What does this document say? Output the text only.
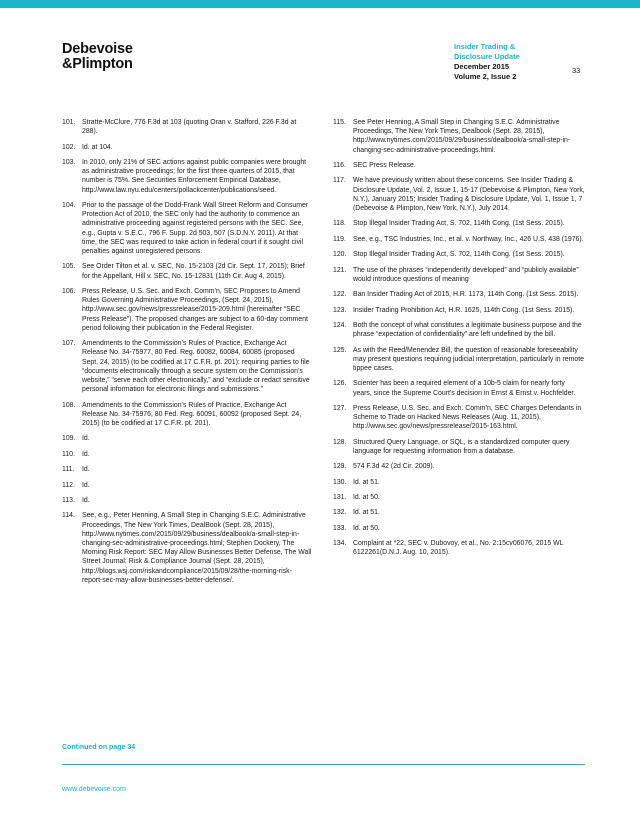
Debevoise
&Plimpton
Insider Trading &
Disclosure Update
December 2015
Volume 2, Issue 2
33
101. Stratte-McClure, 776 F.3d at 103 (quoting Oran v. Stafford, 226 F.3d at 288).
102. Id. at 104.
103. In 2010, only 21% of SEC actions against public companies were brought as administrative proceedings; for the first three quarters of 2015, that number is 75%. See Securities Enforcement Empirical Database, http://www.law.nyu.edu/centers/pollackcenter/publications/seed.
104. Prior to the passage of the Dodd-Frank Wall Street Reform and Consumer Protection Act of 2010, the SEC only had the authority to commence an administrative proceeding against registered persons with the SEC. See, e.g., Gupta v. S.E.C., 796 F. Supp. 2d 503, 507 (S.D.N.Y. 2011). At that time, the SEC was required to take action in federal court if it sought civil penalties against unregistered persons.
105. See Order Tilton et al. v. SEC, No. 15-2103 (2d Cir. Sept. 17, 2015); Brief for the Appellant, Hill v. SEC, No. 15-12831 (11th Cir. Aug 4, 2015).
106. Press Release, U.S. Sec. and Exch. Comm’n, SEC Proposes to Amend Rules Governing Administrative Proceedings, (Sept. 24, 2015), http://www.sec.gov/news/pressrelease/2015-209.html (hereinafter “SEC Press Release”). The proposed changes are subject to a 60-day comment period following their publication in the Federal Register.
107. Amendments to the Commission’s Rules of Practice, Exchange Act Release No. 34-75977, 80 Fed. Reg. 60082, 60084, 60085 (proposed Sept. 24, 2015) (to be codified at 17 C.F.R. pt. 201): requiring parties to file “documents electronically through a secure system on the Commission’s website,” “serve each other electronically,” and “exclude or redact sensitive personal information for electronic filings and submissions.”
108. Amendments to the Commission’s Rules of Practice, Exchange Act Release No. 34-75976, 80 Fed. Reg. 60091, 60092 (proposed Sept. 24, 2015) (to be codified at 17 C.F.R. pt. 201).
109. Id.
110.	Id.
111.	Id.
112.	Id.
113.	Id.
114.	See, e.g., Peter Henning, A Small Step in Changing S.E.C. Administrative Proceedings, The New York Times, DealBook (Sept. 28, 2015), http://www.nytimes.com/2015/09/29/business/dealbook/a-small-step-in-changing-sec-administrative-proceedings.html; Stephen Dockery, The Morning Risk Report: SEC May Allow Businesses Better Defense, The Wall Street Journal: Risk & Compliance Journal (Sept. 28, 2015), http://blogs.wsj.com/riskandcompliance/2015/09/28/the-morning-risk-report-sec-may-allow-businesses-better-defense/.
115.	See Peter Henning, A Small Step in Changing S.E.C. Administrative Proceedings, The New York Times, Dealbook (Sept. 28, 2015), http://www.nytimes.com/2015/09/29/business/dealbook/a-small-step-in-changing-sec-administrative-proceedings.html.
116.	SEC Press Release.
117.	We have previously written about these concerns. See Insider Trading & Disclosure Update, Vol. 2, Issue 1, 15-17 (Debevoise & Plimpton, New York, N.Y.), January 2015; Insider Trading & Disclosure Update, Vol. 1, Issue 1, 7 (Debevoise & Plimpton, New York, N.Y.), July 2014.
118.	Stop Illegal Insider Trading Act, S. 702, 114th Cong. (1st Sess. 2015).
119.	See, e.g., TSC Industries, Inc., et al. v. Northway, Inc., 426 U.S. 438 (1976).
120. Stop Illegal Insider Trading Act, S. 702, 114th Cong. (1st Sess. 2015).
121. The use of the phrases “independently developed” and “publicly available” would introduce questions of meaning
122. Ban Insider Trading Act of 2015, H.R. 1173, 114th Cong. (1st Sess. 2015).
123. Insider Trading Prohibition Act, H.R. 1625, 114th Cong. (1st Sess. 2015).
124. Both the concept of what constitutes a legitimate business purpose and the phrase “expectation of confidentiality” are left undefined by the bill.
125. As with the Reed/Menendez Bill, the question of reasonable foreseeability may present questions requiring judicial interpretation, particularly in remote tippee cases.
126. Scienter has been a required element of a 10b-5 claim for nearly forty years, since the Supreme Court’s decision in Ernst & Ernst v. Hochfelder.
127. Press Release, U.S. Sec. and Exch. Comm’n, SEC Charges Defendants in Scheme to Trade on Hacked News Releases (Aug. 11, 2015), http://www.sec.gov/news/pressrelease/2015-163.html.
128. Structured Query Language, or SQL, is a standardized computer query language for requesting information from a database.
129. 574 F.3d 42 (2d Cir. 2009).
130. Id. at 51.
131. Id. at 50.
132. Id. at 51.
133. Id. at 50.
134. Complaint at *22, SEC v. Dubovoy, et al., No. 2:15cv06076, 2015 WL 6122261(D.N.J. Aug. 10, 2015).
Continued on page 34
www.debevoise.com
